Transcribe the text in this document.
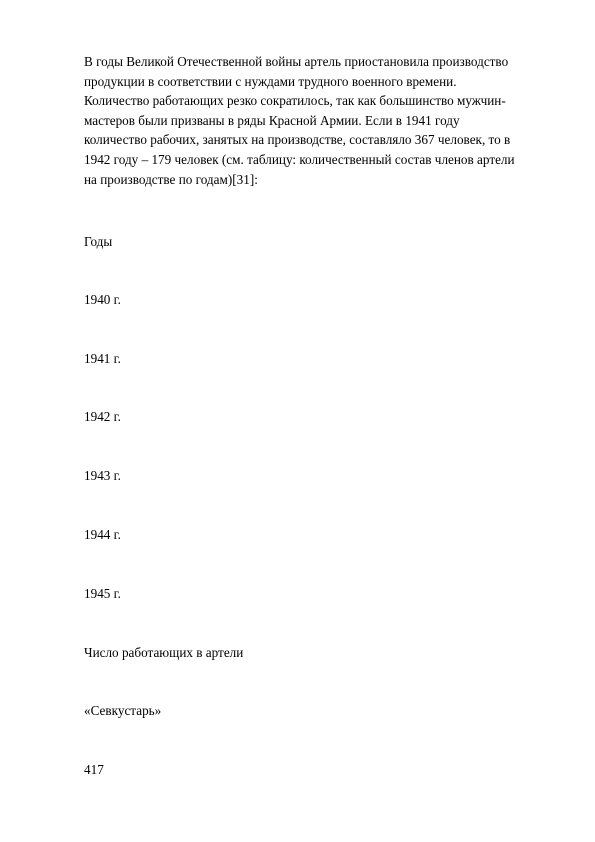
В годы Великой Отечественной войны артель приостановила производство продукции в соответствии с нуждами трудного военного времени. Количество работающих резко сократилось, так как большинство мужчин-мастеров были призваны в ряды Красной Армии. Если в 1941 году количество рабочих, занятых на производстве, составляло 367 человек, то в 1942 году – 179 человек (см. таблицу: количественный состав членов артели на производстве по годам)[31]:

Годы

1940 г.

1941 г.

1942 г.

1943 г.

1944 г.

1945 г.

Число работающих в артели

«Севкустарь»

417
